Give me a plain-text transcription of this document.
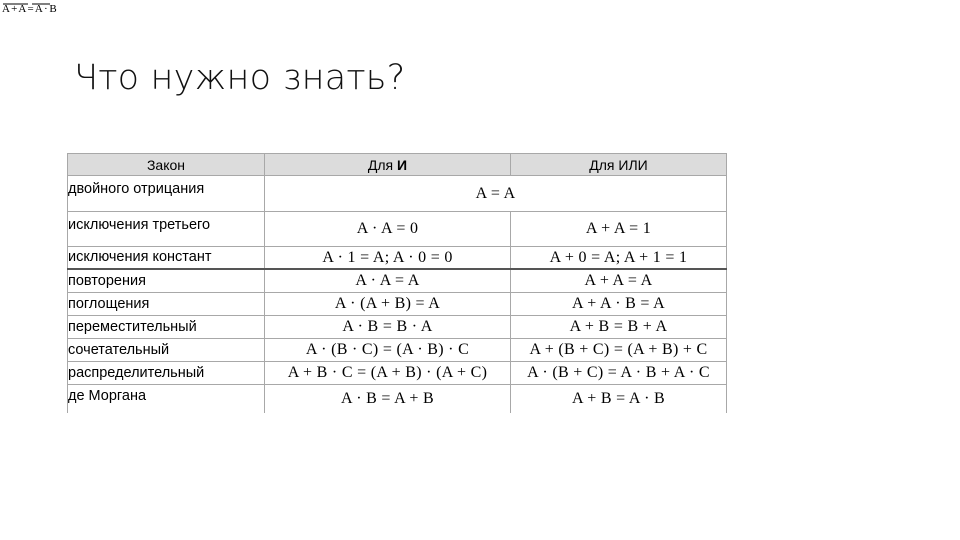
A + A = A · B
Что нужно знать?
Закон	Для И	Для ИЛИ
двойного отрицания	A = A	
исключения третьего	A · A = 0	A + A = 1
исключения констант	A · 1 = A; A · 0 = 0	A + 0 = A; A + 1 = 1
повторения	A · A = A	A + A = A
поглощения	A · (A + B) = A	A + A · B = A
переместительный	A · B = B · A	A + B = B + A
сочетательный	A · (B · C) = (A · B) · C	A + (B + C) = (A + B) + C
распределительный	A + B · C = (A + B) · (A + C)	A · (B + C) = A · B + A · C
де Моргана	A · B = A + B	A + B = A · B
